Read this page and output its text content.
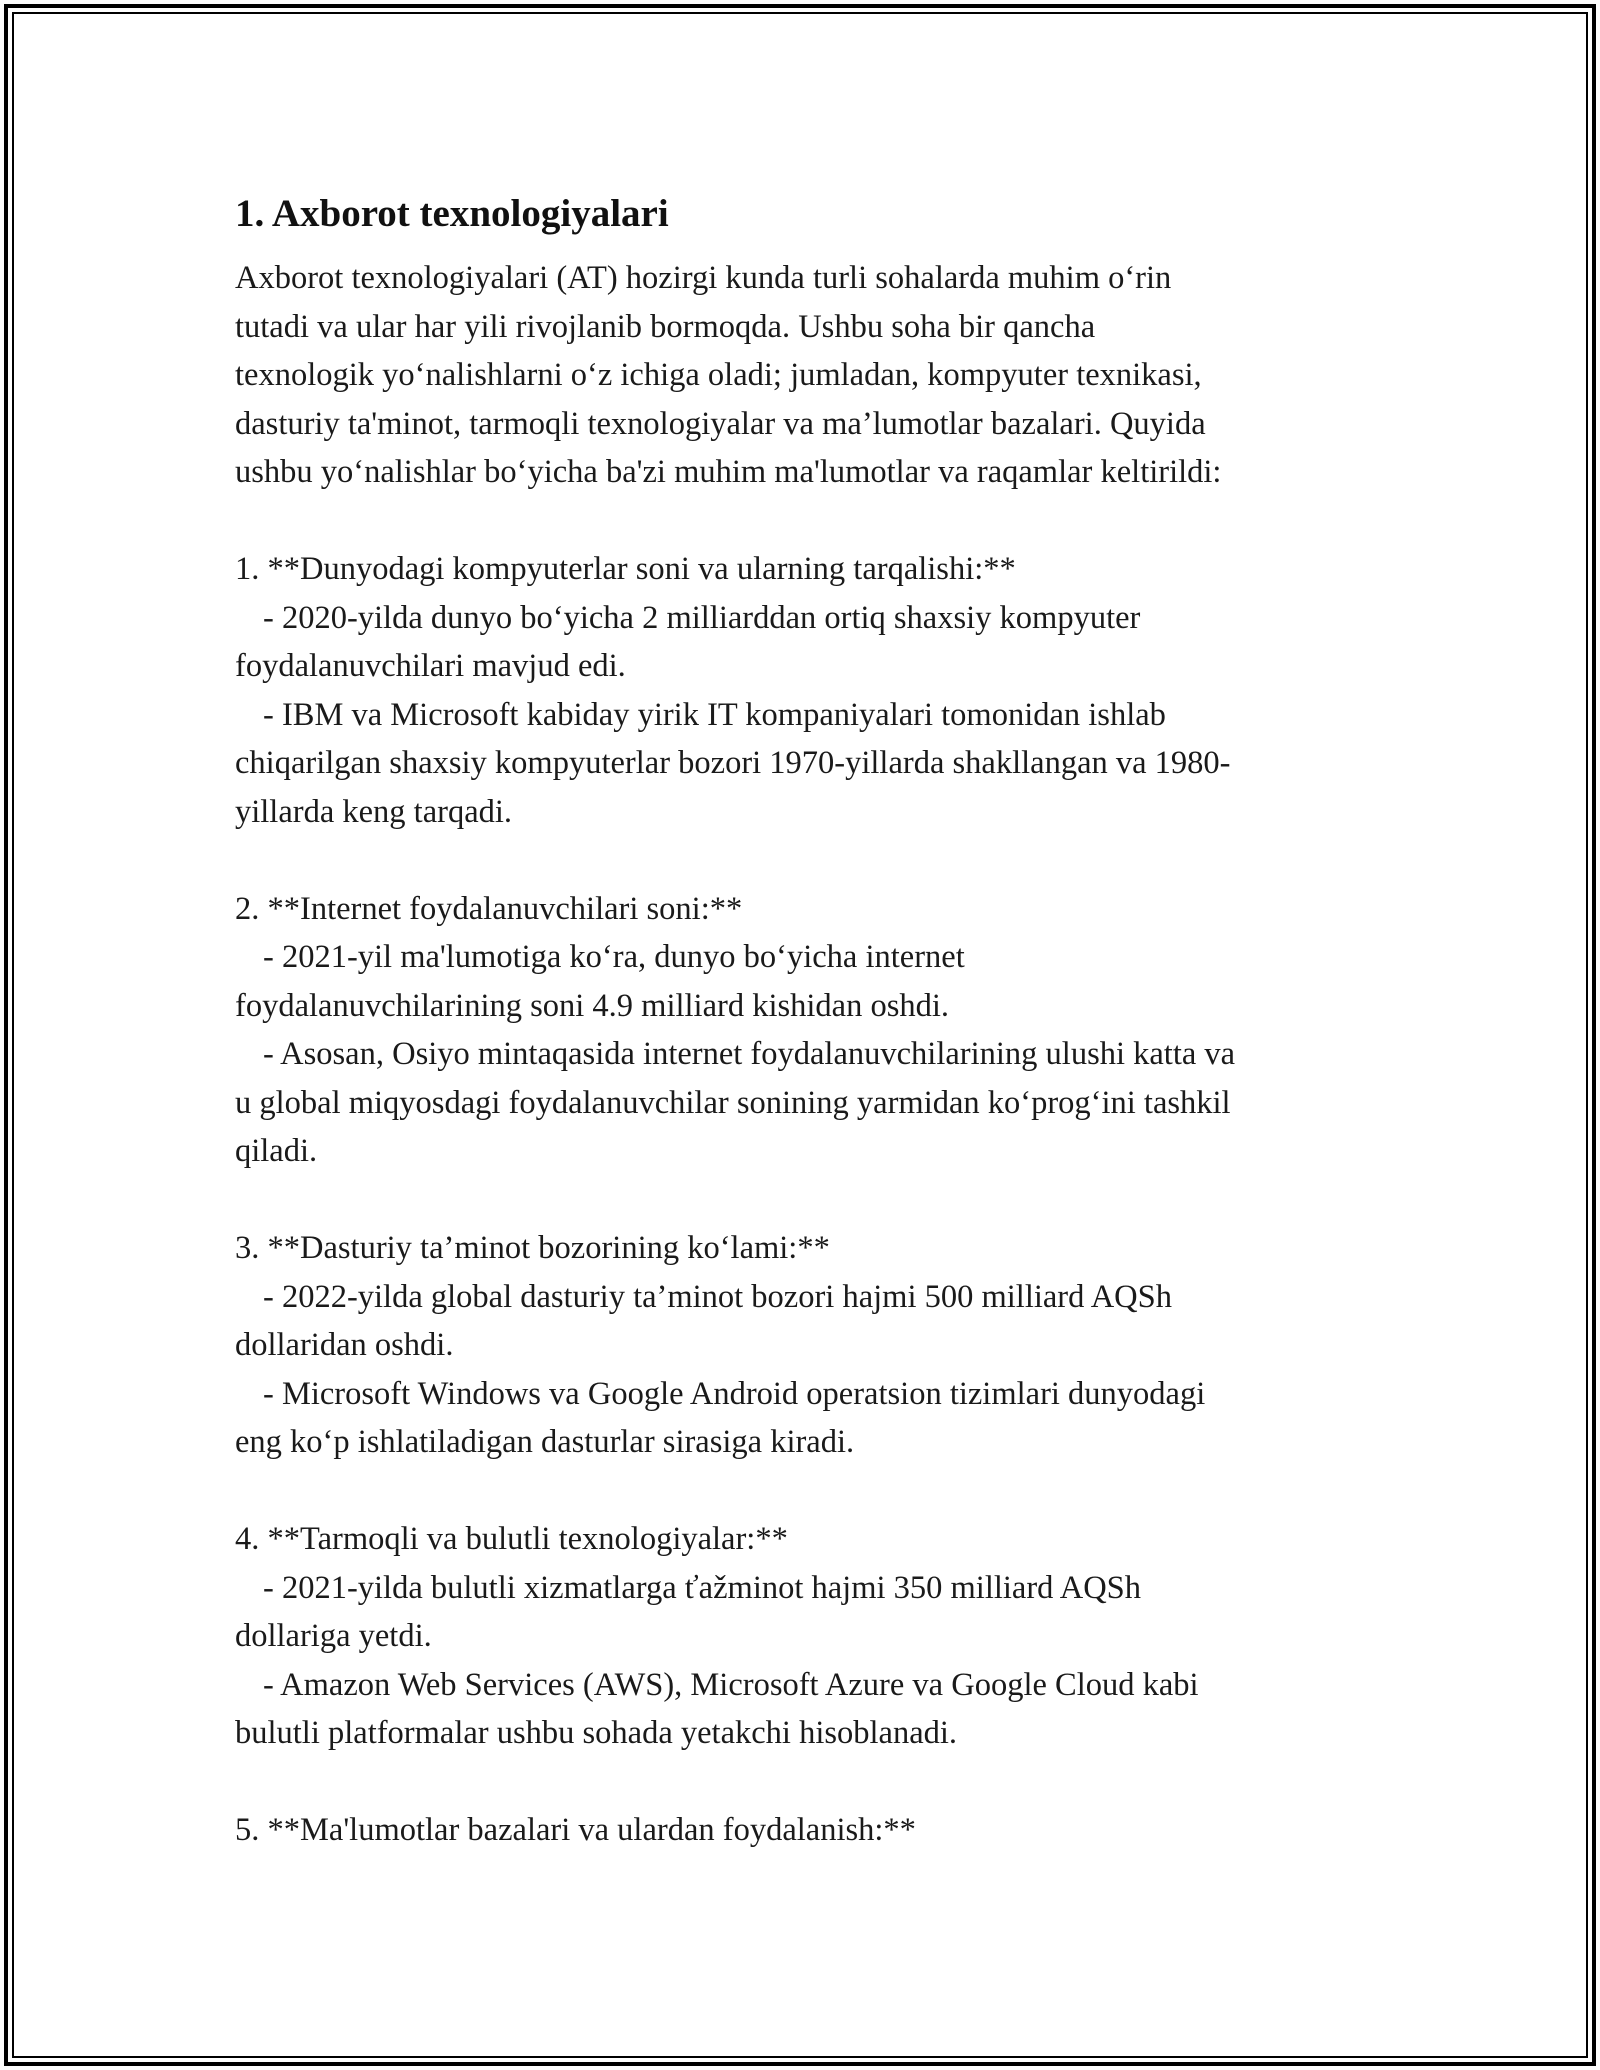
1. Axborot texnologiyalari

Axborot texnologiyalari (AT) hozirgi kunda turli sohalarda muhim o‘rin
tutadi va ular har yili rivojlanib bormoqda. Ushbu soha bir qancha
texnologik yo‘nalishlarni o‘z ichiga oladi; jumladan, kompyuter texnikasi,
dasturiy ta'minot, tarmoqli texnologiyalar va ma’lumotlar bazalari. Quyida
ushbu yo‘nalishlar bo‘yicha ba'zi muhim ma'lumotlar va raqamlar keltirildi:

1. **Dunyodagi kompyuterlar soni va ularning tarqalishi:**

- 2020-yilda dunyo bo‘yicha 2 milliarddan ortiq shaxsiy kompyuter
foydalanuvchilari mavjud edi.

- IBM va Microsoft kabiday yirik IT kompaniyalari tomonidan ishlab
chiqarilgan shaxsiy kompyuterlar bozori 1970-yillarda shakllangan va 1980-
yillarda keng tarqadi.

2. **Internet foydalanuvchilari soni:**

- 2021-yil ma'lumotiga ko‘ra, dunyo bo‘yicha internet
foydalanuvchilarining soni 4.9 milliard kishidan oshdi.

- Asosan, Osiyo mintaqasida internet foydalanuvchilarining ulushi katta va
u global miqyosdagi foydalanuvchilar sonining yarmidan ko‘prog‘ini tashkil
qiladi.

3. **Dasturiy ta’minot bozorining ko‘lami:**

- 2022-yilda global dasturiy ta’minot bozori hajmi 500 milliard AQSh
dollaridan oshdi.

- Microsoft Windows va Google Android operatsion tizimlari dunyodagi
eng ko‘p ishlatiladigan dasturlar sirasiga kiradi.

4. **Tarmoqli va bulutli texnologiyalar:**

- 2021-yilda bulutli xizmatlarga ťažminot hajmi 350 milliard AQSh
dollariga yetdi.

- Amazon Web Services (AWS), Microsoft Azure va Google Cloud kabi
bulutli platformalar ushbu sohada yetakchi hisoblanadi.

5. **Ma'lumotlar bazalari va ulardan foydalanish:**
